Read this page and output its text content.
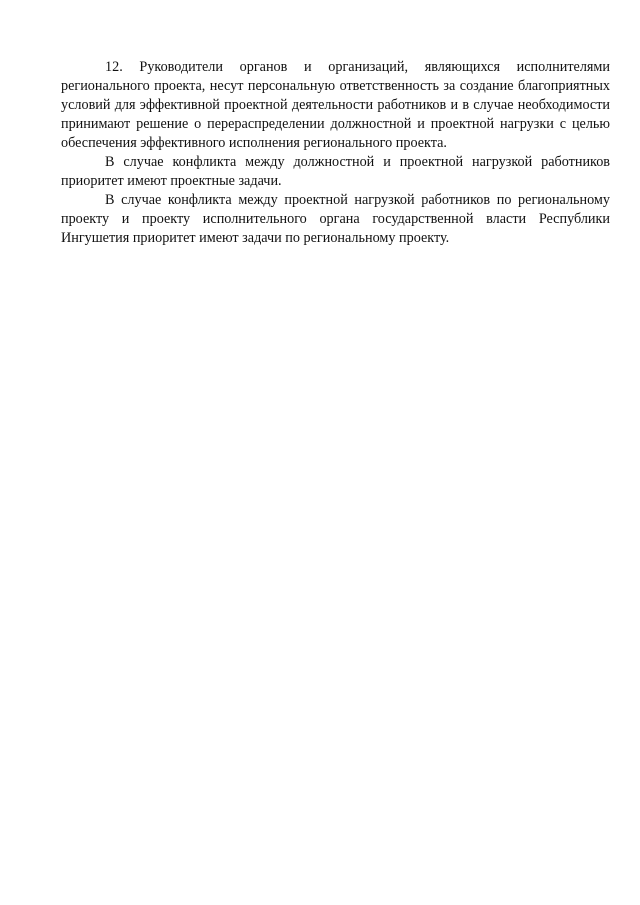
12. Руководители органов и организаций, являющихся исполнителями регионального проекта, несут персональную ответственность за создание благоприятных условий для эффективной проектной деятельности работников и в случае необходимости принимают решение о перераспределении должностной и проектной нагрузки с целью обеспечения эффективного исполнения регионального проекта.

В случае конфликта между должностной и проектной нагрузкой работников приоритет имеют проектные задачи.

В случае конфликта между проектной нагрузкой работников по региональному проекту и проекту исполнительного органа государственной власти Республики Ингушетия приоритет имеют задачи по региональному проекту.
